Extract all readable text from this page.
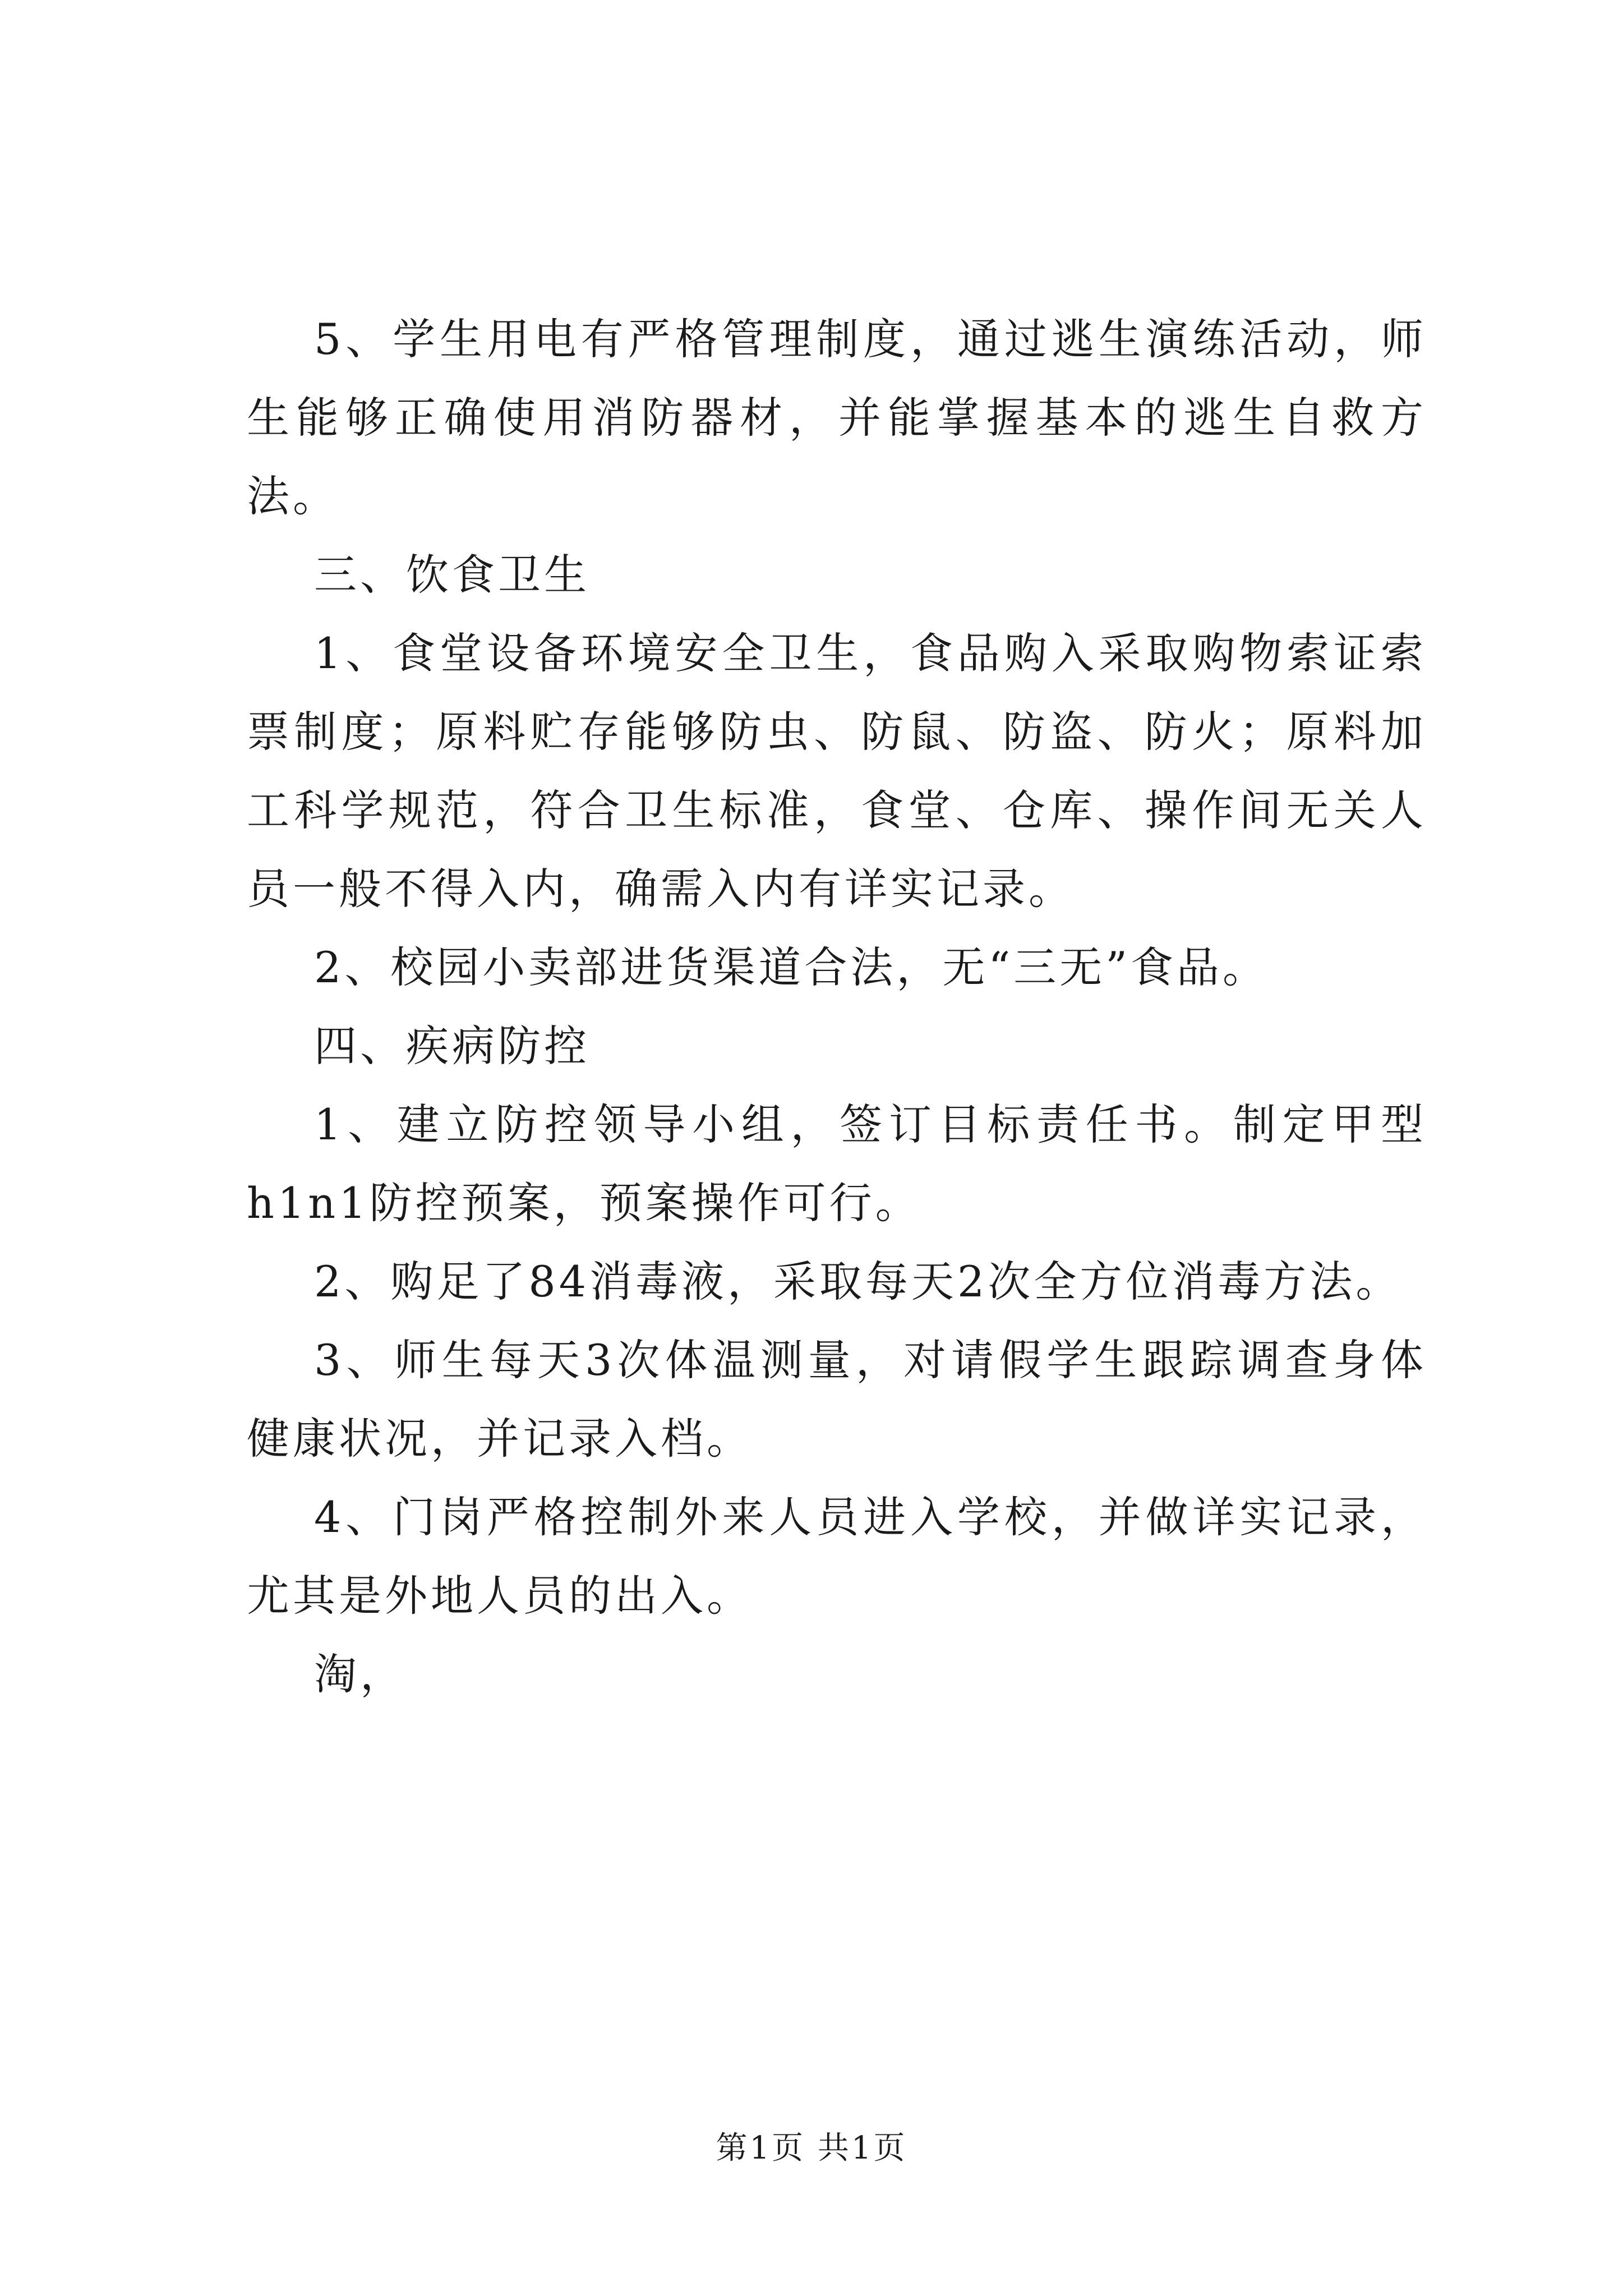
5、学生用电有严格管理制度，通过逃生演练活动，师生能够正确使用消防器材，并能掌握基本的逃生自救方法。

三、饮食卫生

1、食堂设备环境安全卫生，食品购入采取购物索证索票制度；原料贮存能够防虫、防鼠、防盗、防火；原料加工科学规范，符合卫生标准，食堂、仓库、操作间无关人员一般不得入内，确需入内有详实记录。

2、校园小卖部进货渠道合法，无“三无”食品。

四、疾病防控

1、建立防控领导小组，签订目标责任书。制定甲型h1n1防控预案，预案操作可行。

2、购足了84消毒液，采取每天2次全方位消毒方法。

3、师生每天3次体温测量，对请假学生跟踪调查身体健康状况，并记录入档。

4、门岗严格控制外来人员进入学校，并做详实记录，尤其是外地人员的出入。

淘，

第1页 共1页
